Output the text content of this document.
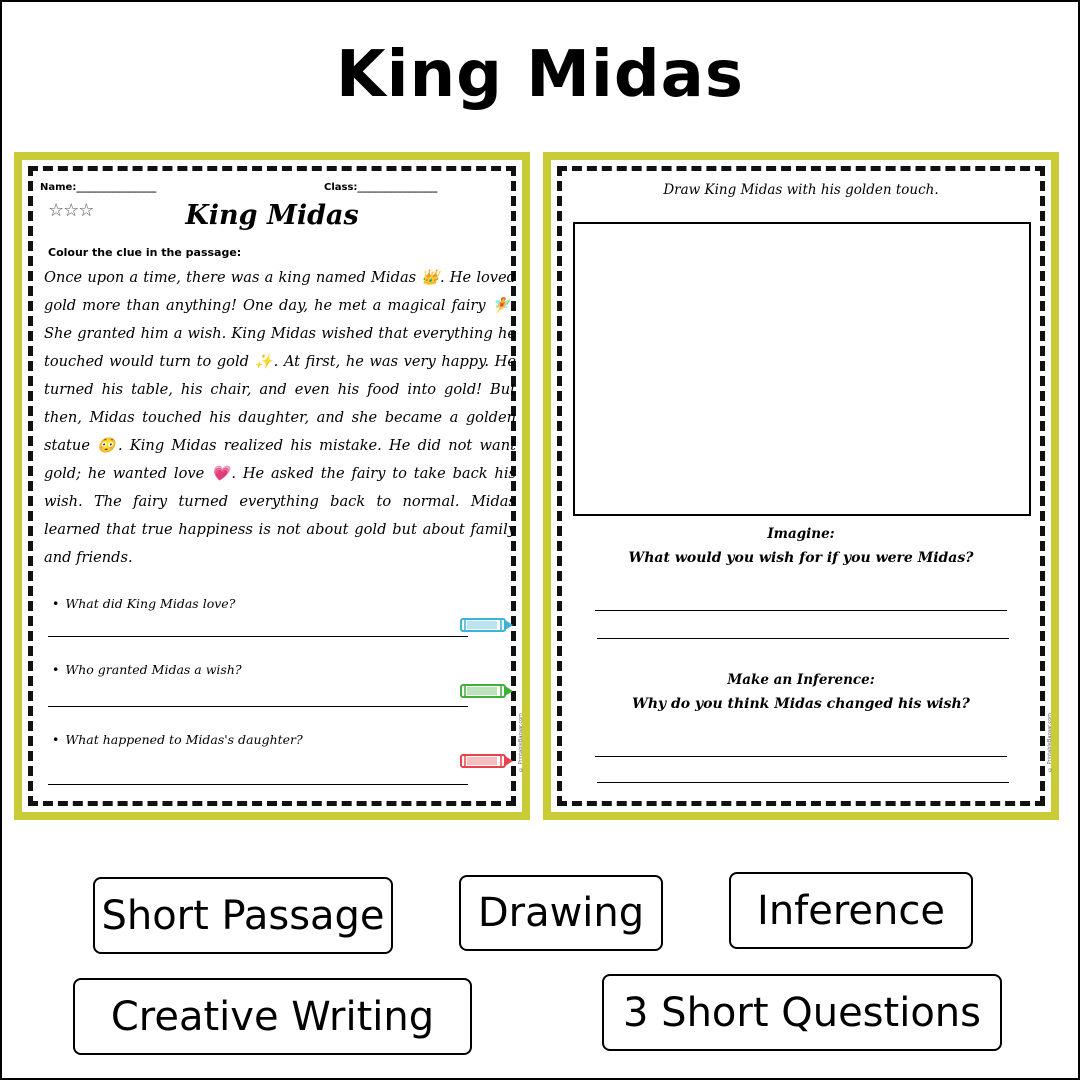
King Midas
Name:________________	Class:________________
☆☆☆	King Midas
Colour the clue in the passage:
Once upon a time, there was a king named Midas 👑. He loved gold more than anything! One day, he met a magical fairy 🧚. She granted him a wish. King Midas wished that everything he touched would turn to gold ✨. At first, he was very happy. He turned his table, his chair, and even his food into gold! But then, Midas touched his daughter, and she became a golden statue 😳. King Midas realized his mistake. He did not want gold; he wanted love 💗. He asked the fairy to take back his wish. The fairy turned everything back to normal. Midas learned that true happiness is not about gold but about family and friends.
• What did King Midas love?
• Who granted Midas a wish?
• What happened to Midas's daughter?	© PrintableBazaar.com
Draw King Midas with his golden touch.
Imagine:
What would you wish for if you were Midas?
Make an Inference:
Why do you think Midas changed his wish?
© PrintableBazaar.com
Short Passage	Drawing	Inference
Creative Writing	3 Short Questions
